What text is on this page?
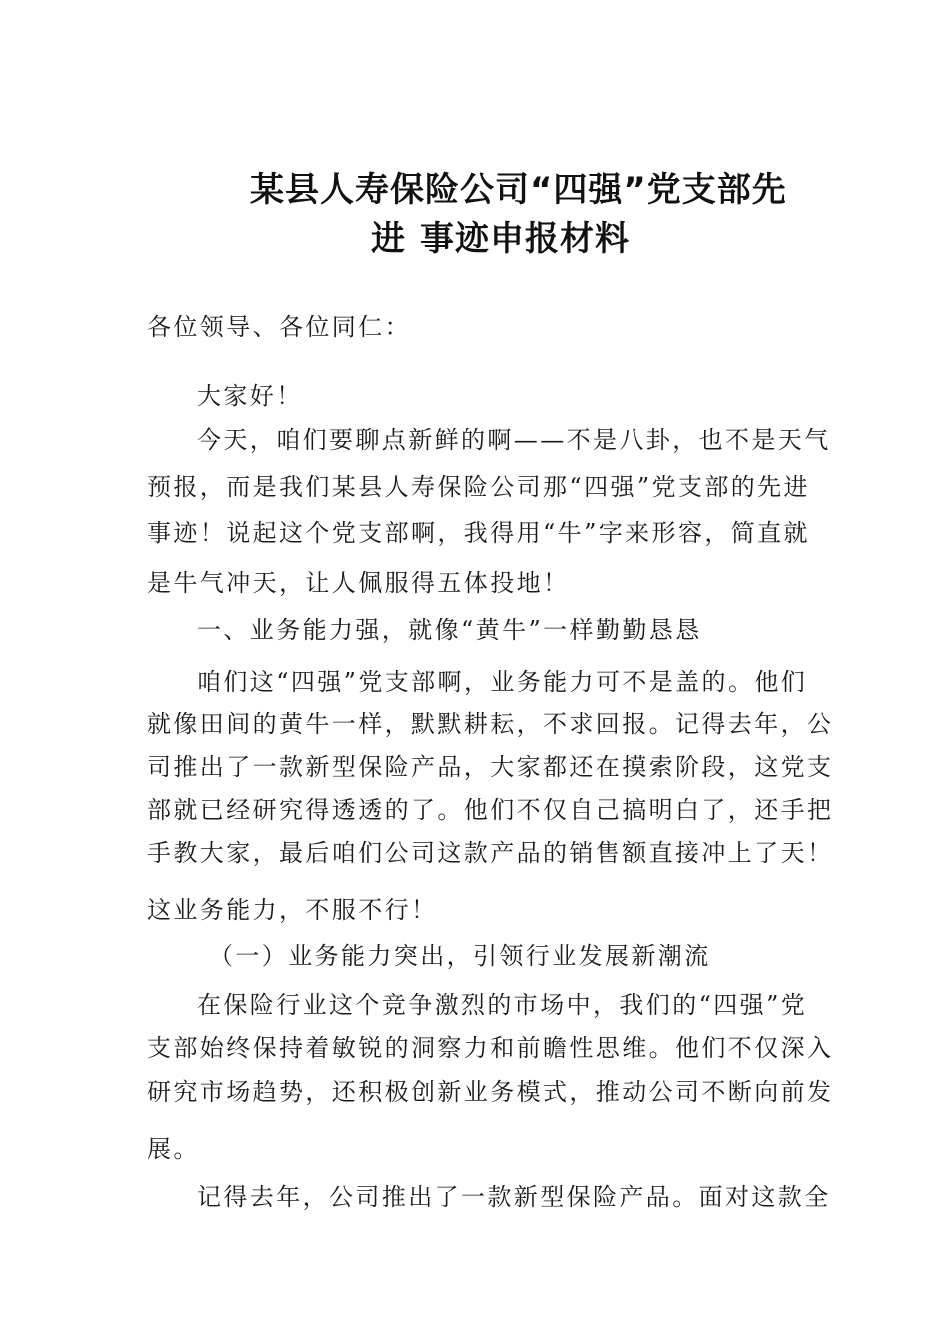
某县人寿保险公司“四强”党支部先
进 事迹申报材料
各位领导、各位同仁：
大家好！
今天，咱们要聊点新鲜的啊——不是八卦，也不是天气
预报，而是我们某县人寿保险公司那“四强”党支部的先进
事迹！说起这个党支部啊，我得用“牛”字来形容，简直就
是牛气冲天，让人佩服得五体投地！
一、业务能力强，就像“黄牛”一样勤勤恳恳
咱们这“四强”党支部啊，业务能力可不是盖的。他们
就像田间的黄牛一样，默默耕耘，不求回报。记得去年，公
司推出了一款新型保险产品，大家都还在摸索阶段，这党支
部就已经研究得透透的了。他们不仅自己搞明白了，还手把
手教大家，最后咱们公司这款产品的销售额直接冲上了天！
这业务能力，不服不行！
（一）业务能力突出，引领行业发展新潮流
在保险行业这个竞争激烈的市场中，我们的“四强”党
支部始终保持着敏锐的洞察力和前瞻性思维。他们不仅深入
研究市场趋势，还积极创新业务模式，推动公司不断向前发
展。
记得去年，公司推出了一款新型保险产品。面对这款全
